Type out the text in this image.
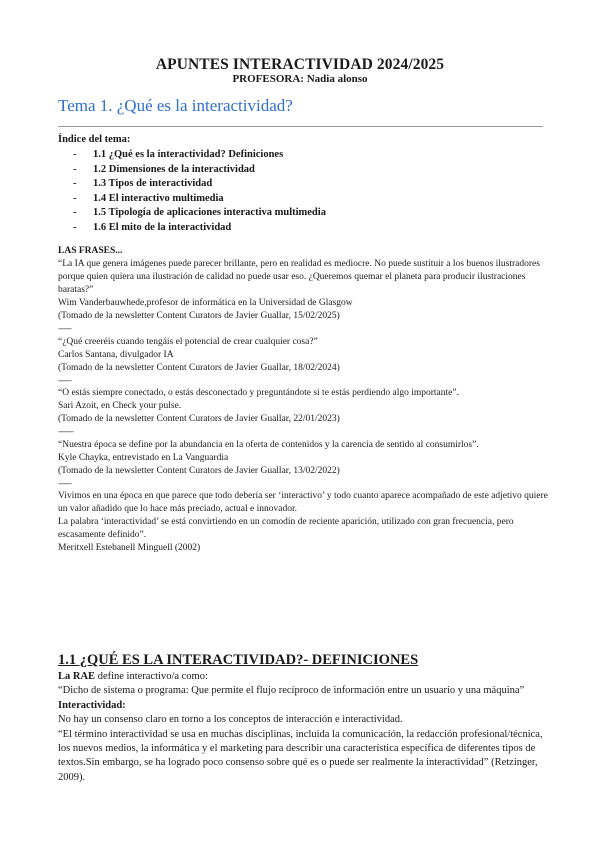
APUNTES INTERACTIVIDAD 2024/2025
PROFESORA: Nadia alonso
Tema 1. ¿Qué es la interactividad?
Índice del tema:
- 1.1 ¿Qué es la interactividad? Definiciones
- 1.2 Dimensiones de la interactividad
- 1.3 Tipos de interactividad
- 1.4 El interactivo multimedia
- 1.5 Tipología de aplicaciones interactiva multimedia
- 1.6 El mito de la interactividad

LAS FRASES...

“La IA que genera imágenes puede parecer brillante, pero en realidad es mediocre. No puede sustituir a los buenos ilustradores porque quien quiera una ilustración de calidad no puede usar eso. ¿Queremos quemar el planeta para producir ilustraciones baratas?”

Wim Vanderbauwhede,profesor de informática en la Universidad de Glasgow

(Tomado de la newsletter Content Curators de Javier Guallar, 15/02/2025)

------

“¿Qué creeréis cuando tengáis el potencial de crear cualquier cosa?”

Carlos Santana, divulgador IA

(Tomado de la newsletter Content Curators de Javier Guallar, 18/02/2024)

------

“O estás siempre conectado, o estás desconectado y preguntándote si te estás perdiendo algo importante”.

Sari Azoit, en Check your pulse.

(Tomado de la newsletter Content Curators de Javier Guallar, 22/01/2023)

-------

“Nuestra época se define por la abundancia en la oferta de contenidos y la carencia de sentido al consumirlos”.

Kyle Chayka, entrevistado en La Vanguardia

(Tomado de la newsletter Content Curators de Javier Guallar, 13/02/2022)

------

Vivimos en una época en que parece que todo debería ser ‘interactivo’ y todo cuanto aparece acompañado de este adjetivo quiere un valor añadido que lo hace más preciado, actual e innovador.

La palabra ‘interactividad’ se está convirtiendo en un comodín de reciente aparición, utilizado con gran frecuencia, pero escasamente definido”.

Meritxell Estebanell Minguell (2002)

1.1 ¿QUÉ ES LA INTERACTIVIDAD?- DEFINICIONES

La RAE define interactivo/a como:

“Dicho de sistema o programa: Que permite el flujo recíproco de información entre un usuario y una máquina”

Interactividad:

No hay un consenso claro en torno a los conceptos de interacción e interactividad.

“El término interactividad se usa en muchas disciplinas, incluida la comunicación, la redacción profesional/técnica, los nuevos medios, la informática y el marketing para describir una característica específica de diferentes tipos de textos.Sin embargo, se ha logrado poco consenso sobre qué es o puede ser realmente la interactividad” (Retzinger, 2009).
